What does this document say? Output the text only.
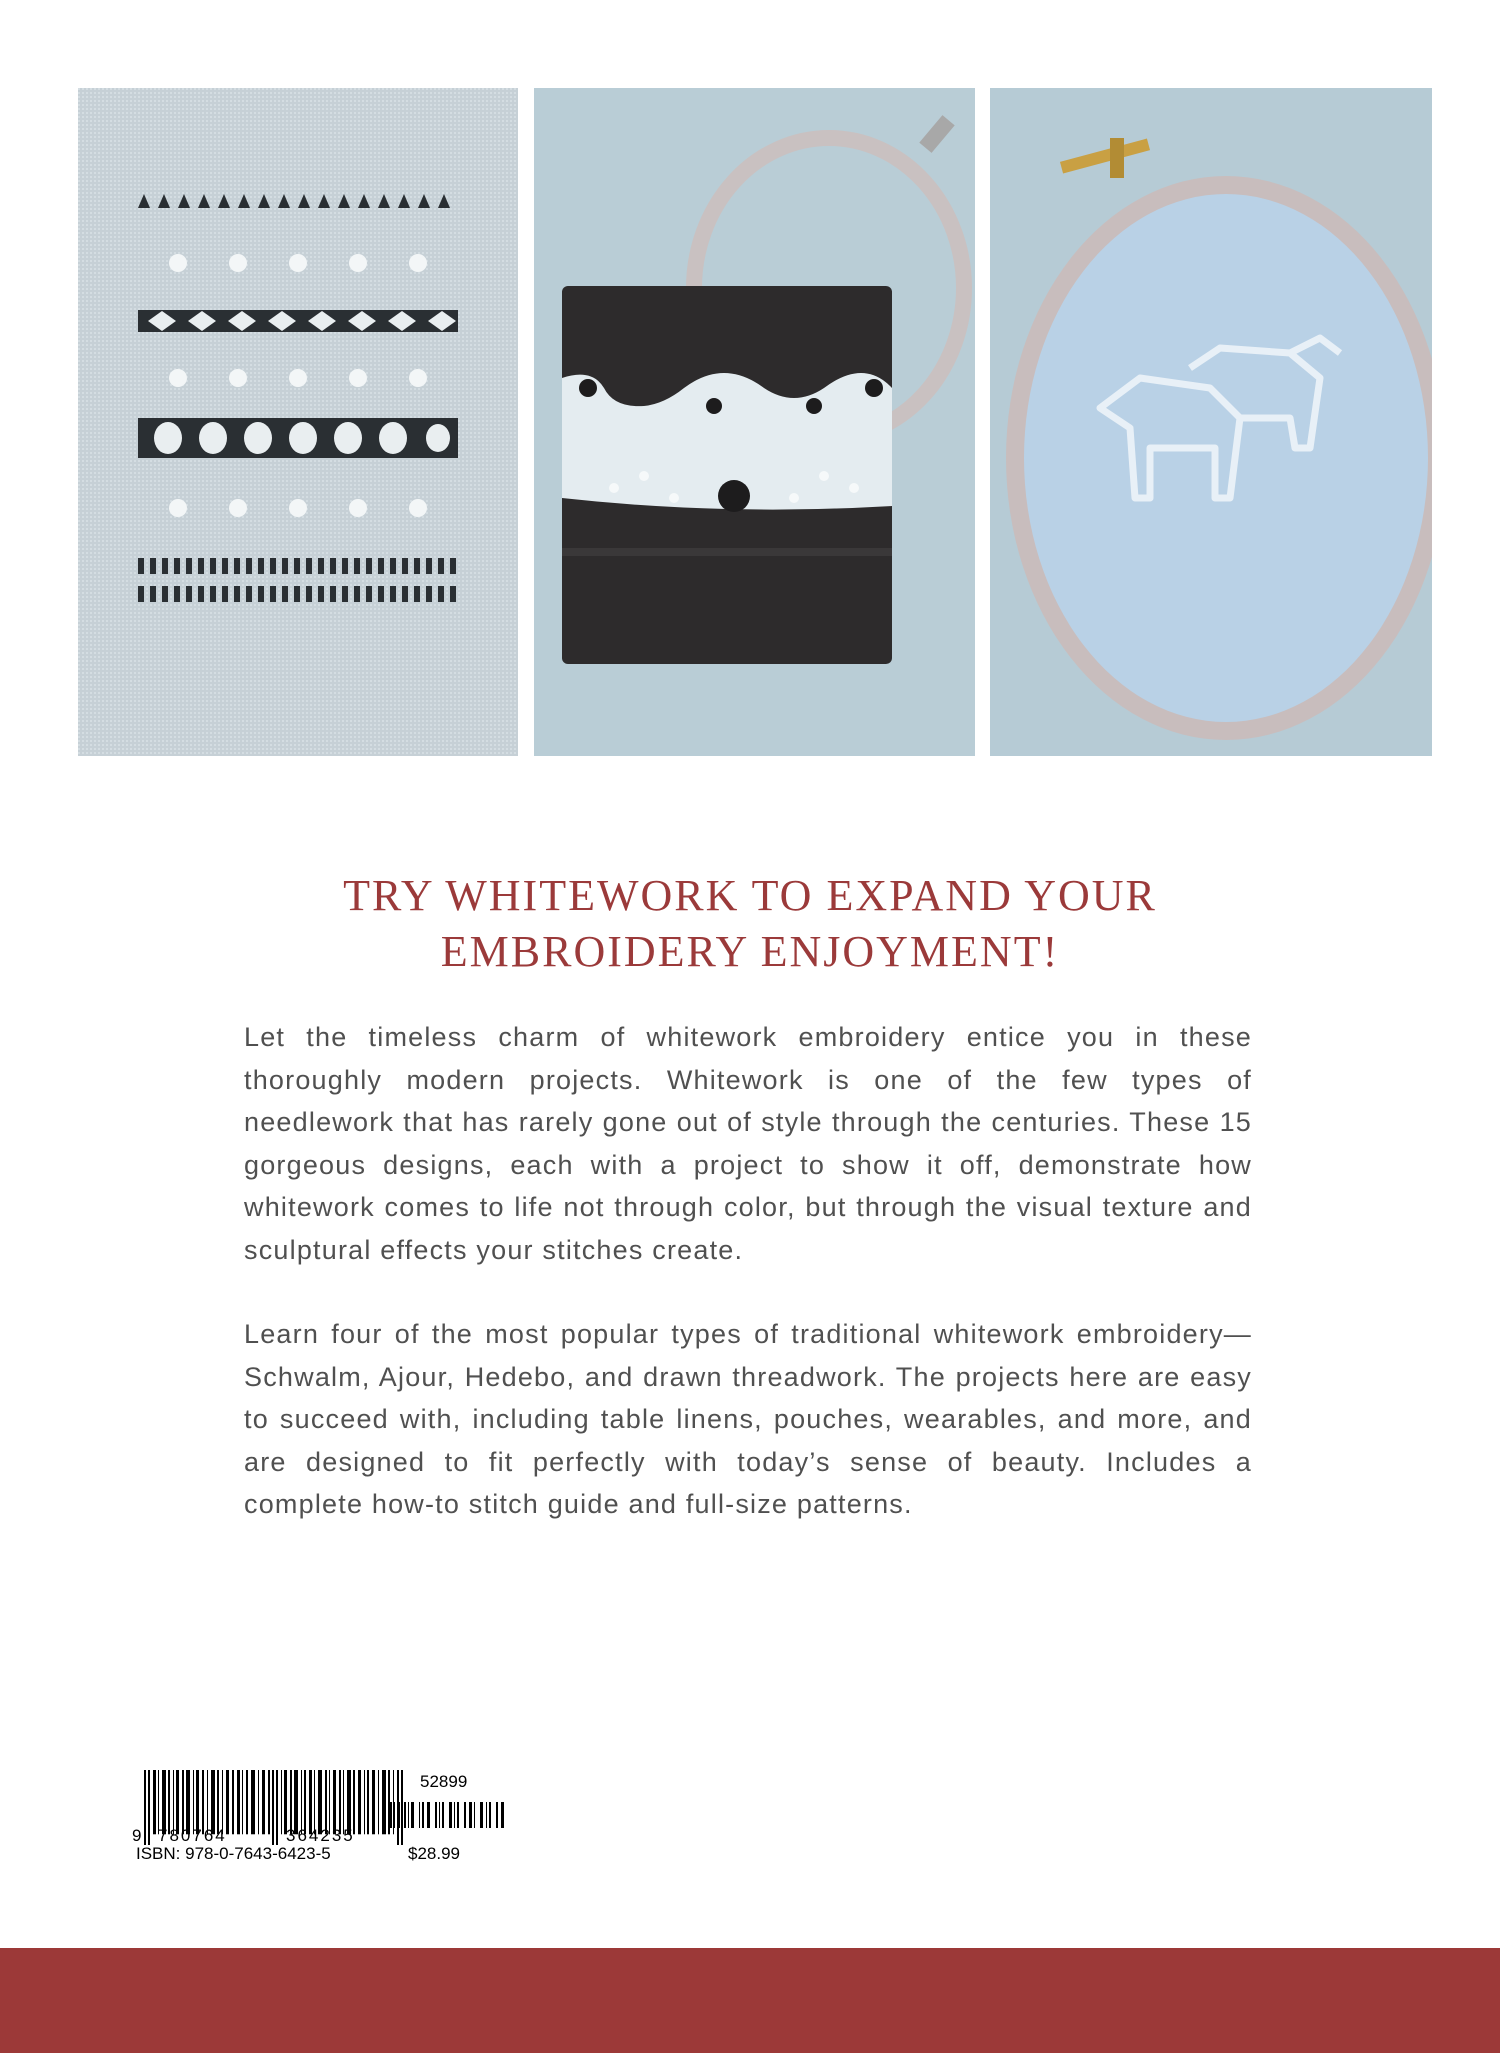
TRY WHITEWORK TO EXPAND YOUR
EMBROIDERY ENJOYMENT!

Let the timeless charm of whitework embroidery entice you in these thoroughly modern projects. Whitework is one of the few types of needlework that has rarely gone out of style through the centuries. These 15 gorgeous designs, each with a project to show it off, demonstrate how whitework comes to life not through color, but through the visual texture and sculptural effects your stitches create.

Learn four of the most popular types of traditional whitework embroidery—Schwalm, Ajour, Hedebo, and drawn threadwork. The projects here are easy to succeed with, including table linens, pouches, wearables, and more, and are designed to fit perfectly with today’s sense of beauty. Includes a complete how-to stitch guide and full-size patterns.

9 780764	364235
52899
ISBN: 978-0-7643-6423-5	$28.99
